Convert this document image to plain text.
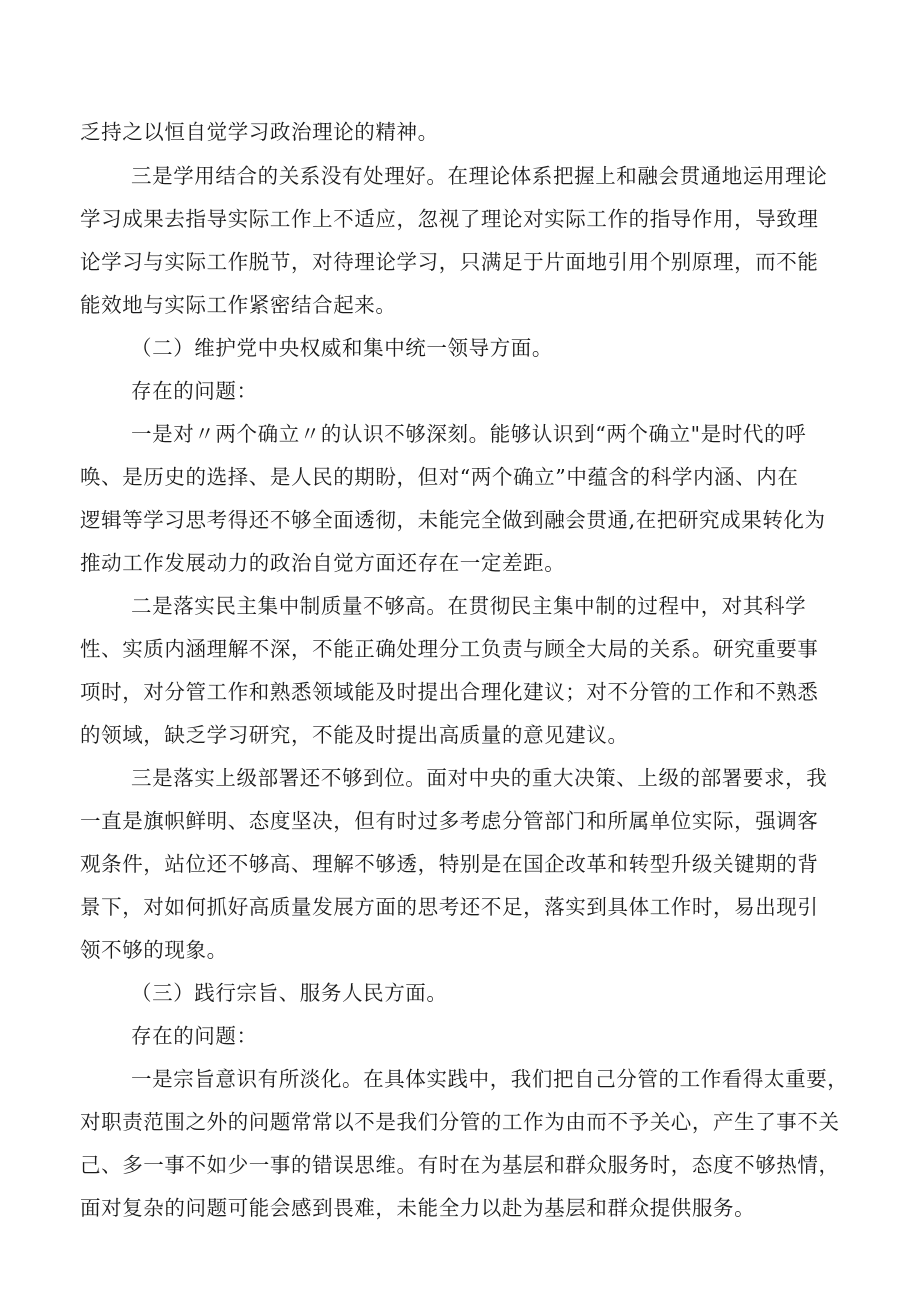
乏持之以恒自觉学习政治理论的精神。
三是学用结合的关系没有处理好。在理论体系把握上和融会贯通地运用理论
学习成果去指导实际工作上不适应，忽视了理论对实际工作的指导作用，导致理
论学习与实际工作脱节，对待理论学习，只满足于片面地引用个别原理，而不能
能效地与实际工作紧密结合起来。
（二）维护党中央权威和集中统一领导方面。
存在的问题：
一是对〃两个确立〃的认识不够深刻。能够认识到“两个确立"是时代的呼
唤、是历史的选择、是人民的期盼，但对“两个确立”中蕴含的科学内涵、内在
逻辑等学习思考得还不够全面透彻，未能完全做到融会贯通,在把研究成果转化为
推动工作发展动力的政治自觉方面还存在一定差距。
二是落实民主集中制质量不够高。在贯彻民主集中制的过程中，对其科学
性、实质内涵理解不深，不能正确处理分工负责与顾全大局的关系。研究重要事
项时，对分管工作和熟悉领域能及时提出合理化建议；对不分管的工作和不熟悉
的领域，缺乏学习研究，不能及时提出高质量的意见建议。
三是落实上级部署还不够到位。面对中央的重大决策、上级的部署要求，我
一直是旗帜鲜明、态度坚决，但有时过多考虑分管部门和所属单位实际，强调客
观条件，站位还不够高、理解不够透，特别是在国企改革和转型升级关键期的背
景下，对如何抓好高质量发展方面的思考还不足，落实到具体工作时，易出现引
领不够的现象。
（三）践行宗旨、服务人民方面。
存在的问题：
一是宗旨意识有所淡化。在具体实践中，我们把自己分管的工作看得太重要，
对职责范围之外的问题常常以不是我们分管的工作为由而不予关心，产生了事不关
己、多一事不如少一事的错误思维。有时在为基层和群众服务时，态度不够热情，
面对复杂的问题可能会感到畏难，未能全力以赴为基层和群众提供服务。
